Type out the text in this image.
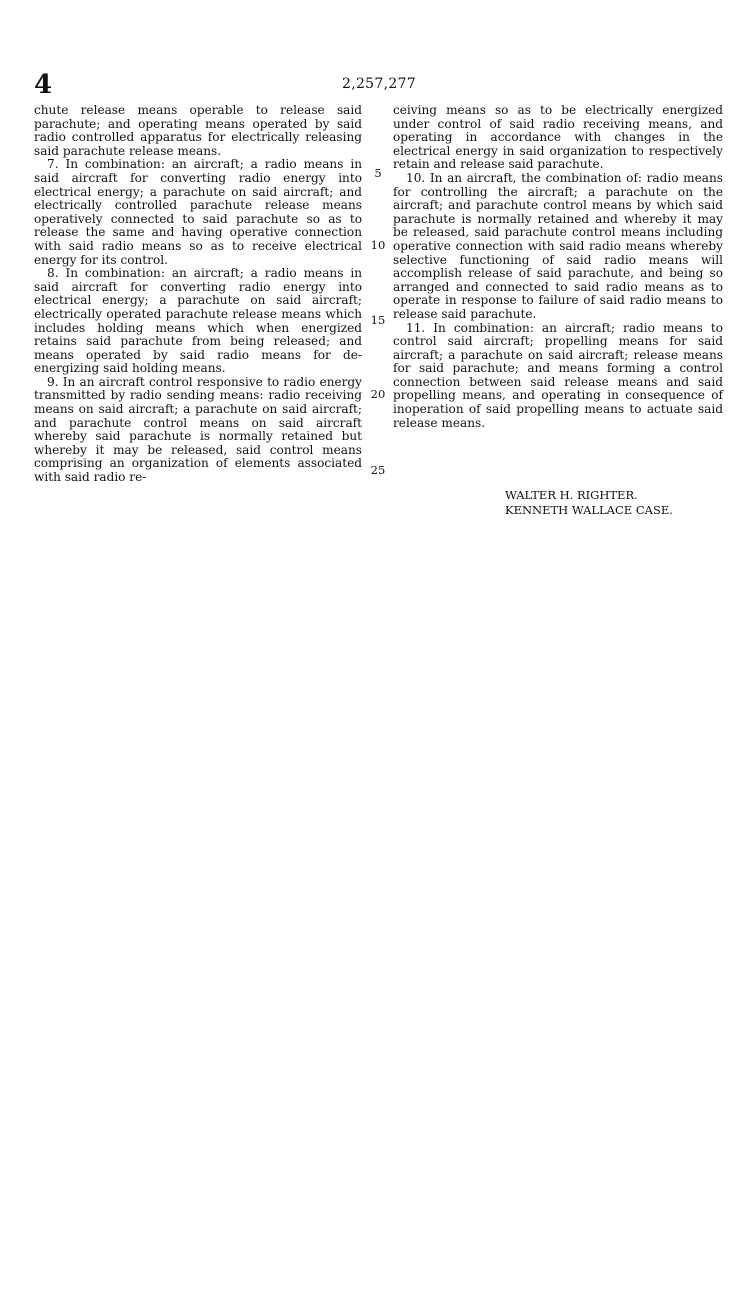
4	2,257,277

chute release means operable to release said parachute; and operating means operated by said radio controlled apparatus for electrically releasing said parachute release means.

7. In combination: an aircraft; a radio means in said aircraft for converting radio energy into electrical energy; a parachute on said aircraft; and electrically controlled parachute release means operatively connected to said parachute so as to release the same and having operative connection with said radio means so as to receive electrical energy for its control.

8. In combination: an aircraft; a radio means in said aircraft for converting radio energy into electrical energy; a parachute on said aircraft; electrically operated parachute release means which includes holding means which when energized retains said parachute from being released; and means operated by said radio means for de-energizing said holding means.

9. In an aircraft control responsive to radio energy transmitted by radio sending means: radio receiving means on said aircraft; a parachute on said aircraft; and parachute control means on said aircraft whereby said parachute is normally retained but whereby it may be released, said control means comprising an organization of elements associated with said radio re-

5
10
15
20
25

ceiving means so as to be electrically energized under control of said radio receiving means, and operating in accordance with changes in the electrical energy in said organization to respectively retain and release said parachute.

10. In an aircraft, the combination of: radio means for controlling the aircraft; a parachute on the aircraft; and parachute control means by which said parachute is normally retained and whereby it may be released, said parachute control means including operative connection with said radio means whereby selective functioning of said radio means will accomplish release of said parachute, and being so arranged and connected to said radio means as to operate in response to failure of said radio means to release said parachute.

11. In combination: an aircraft; radio means to control said aircraft; propelling means for said aircraft; a parachute on said aircraft; release means for said parachute; and means forming a control connection between said release means and said propelling means, and operating in consequence of inoperation of said propelling means to actuate said release means.

WALTER H. RIGHTER.
KENNETH WALLACE CASE.
